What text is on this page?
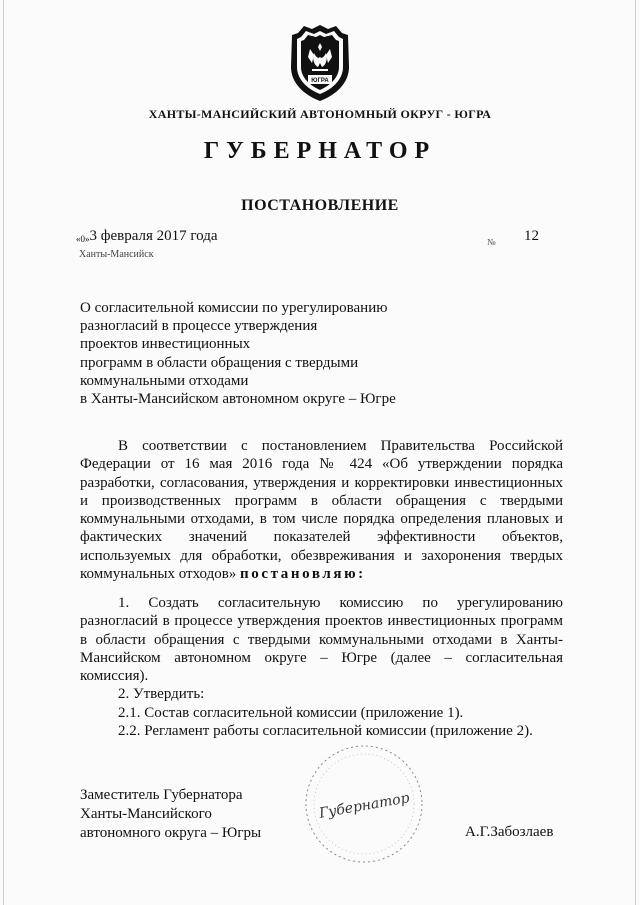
ЮГРА
ХАНТЫ-МАНСИЙСКИЙ АВТОНОМНЫЙ ОКРУГ - ЮГРА
ГУБЕРНАТОР
ПОСТАНОВЛЕНИЕ
«0»3 февраля 2017 года	№ 12
Ханты-Мансийск
О согласительной комиссии по урегулированию
разногласий в процессе утверждения
проектов инвестиционных
программ в области обращения с твердыми
коммунальными отходами
в Ханты-Мансийском автономном округе – Югре
В соответствии с постановлением Правительства Российской
Федерации от 16 мая 2016 года № 424 «Об утверждении порядка
разработки, согласования, утверждения и корректировки инвестиционных
и производственных программ в области обращения с твердыми
коммунальными отходами, в том числе порядка определения плановых и
фактических значений показателей эффективности объектов,
используемых для обработки, обезвреживания и захоронения твердых
коммунальных отходов» постановляю:
1. Создать согласительную комиссию по урегулированию
разногласий в процессе утверждения проектов инвестиционных программ
в области обращения с твердыми коммунальными отходами в Ханты-
Мансийском автономном округе – Югре (далее – согласительная
комиссия).
2. Утвердить:
2.1. Состав согласительной комиссии (приложение 1).
2.2. Регламент работы согласительной комиссии (приложение 2).
Заместитель Губернатора
Ханты-Мансийского
автономного округа – Югры
Губернатор
А.Г.Забозлаев
